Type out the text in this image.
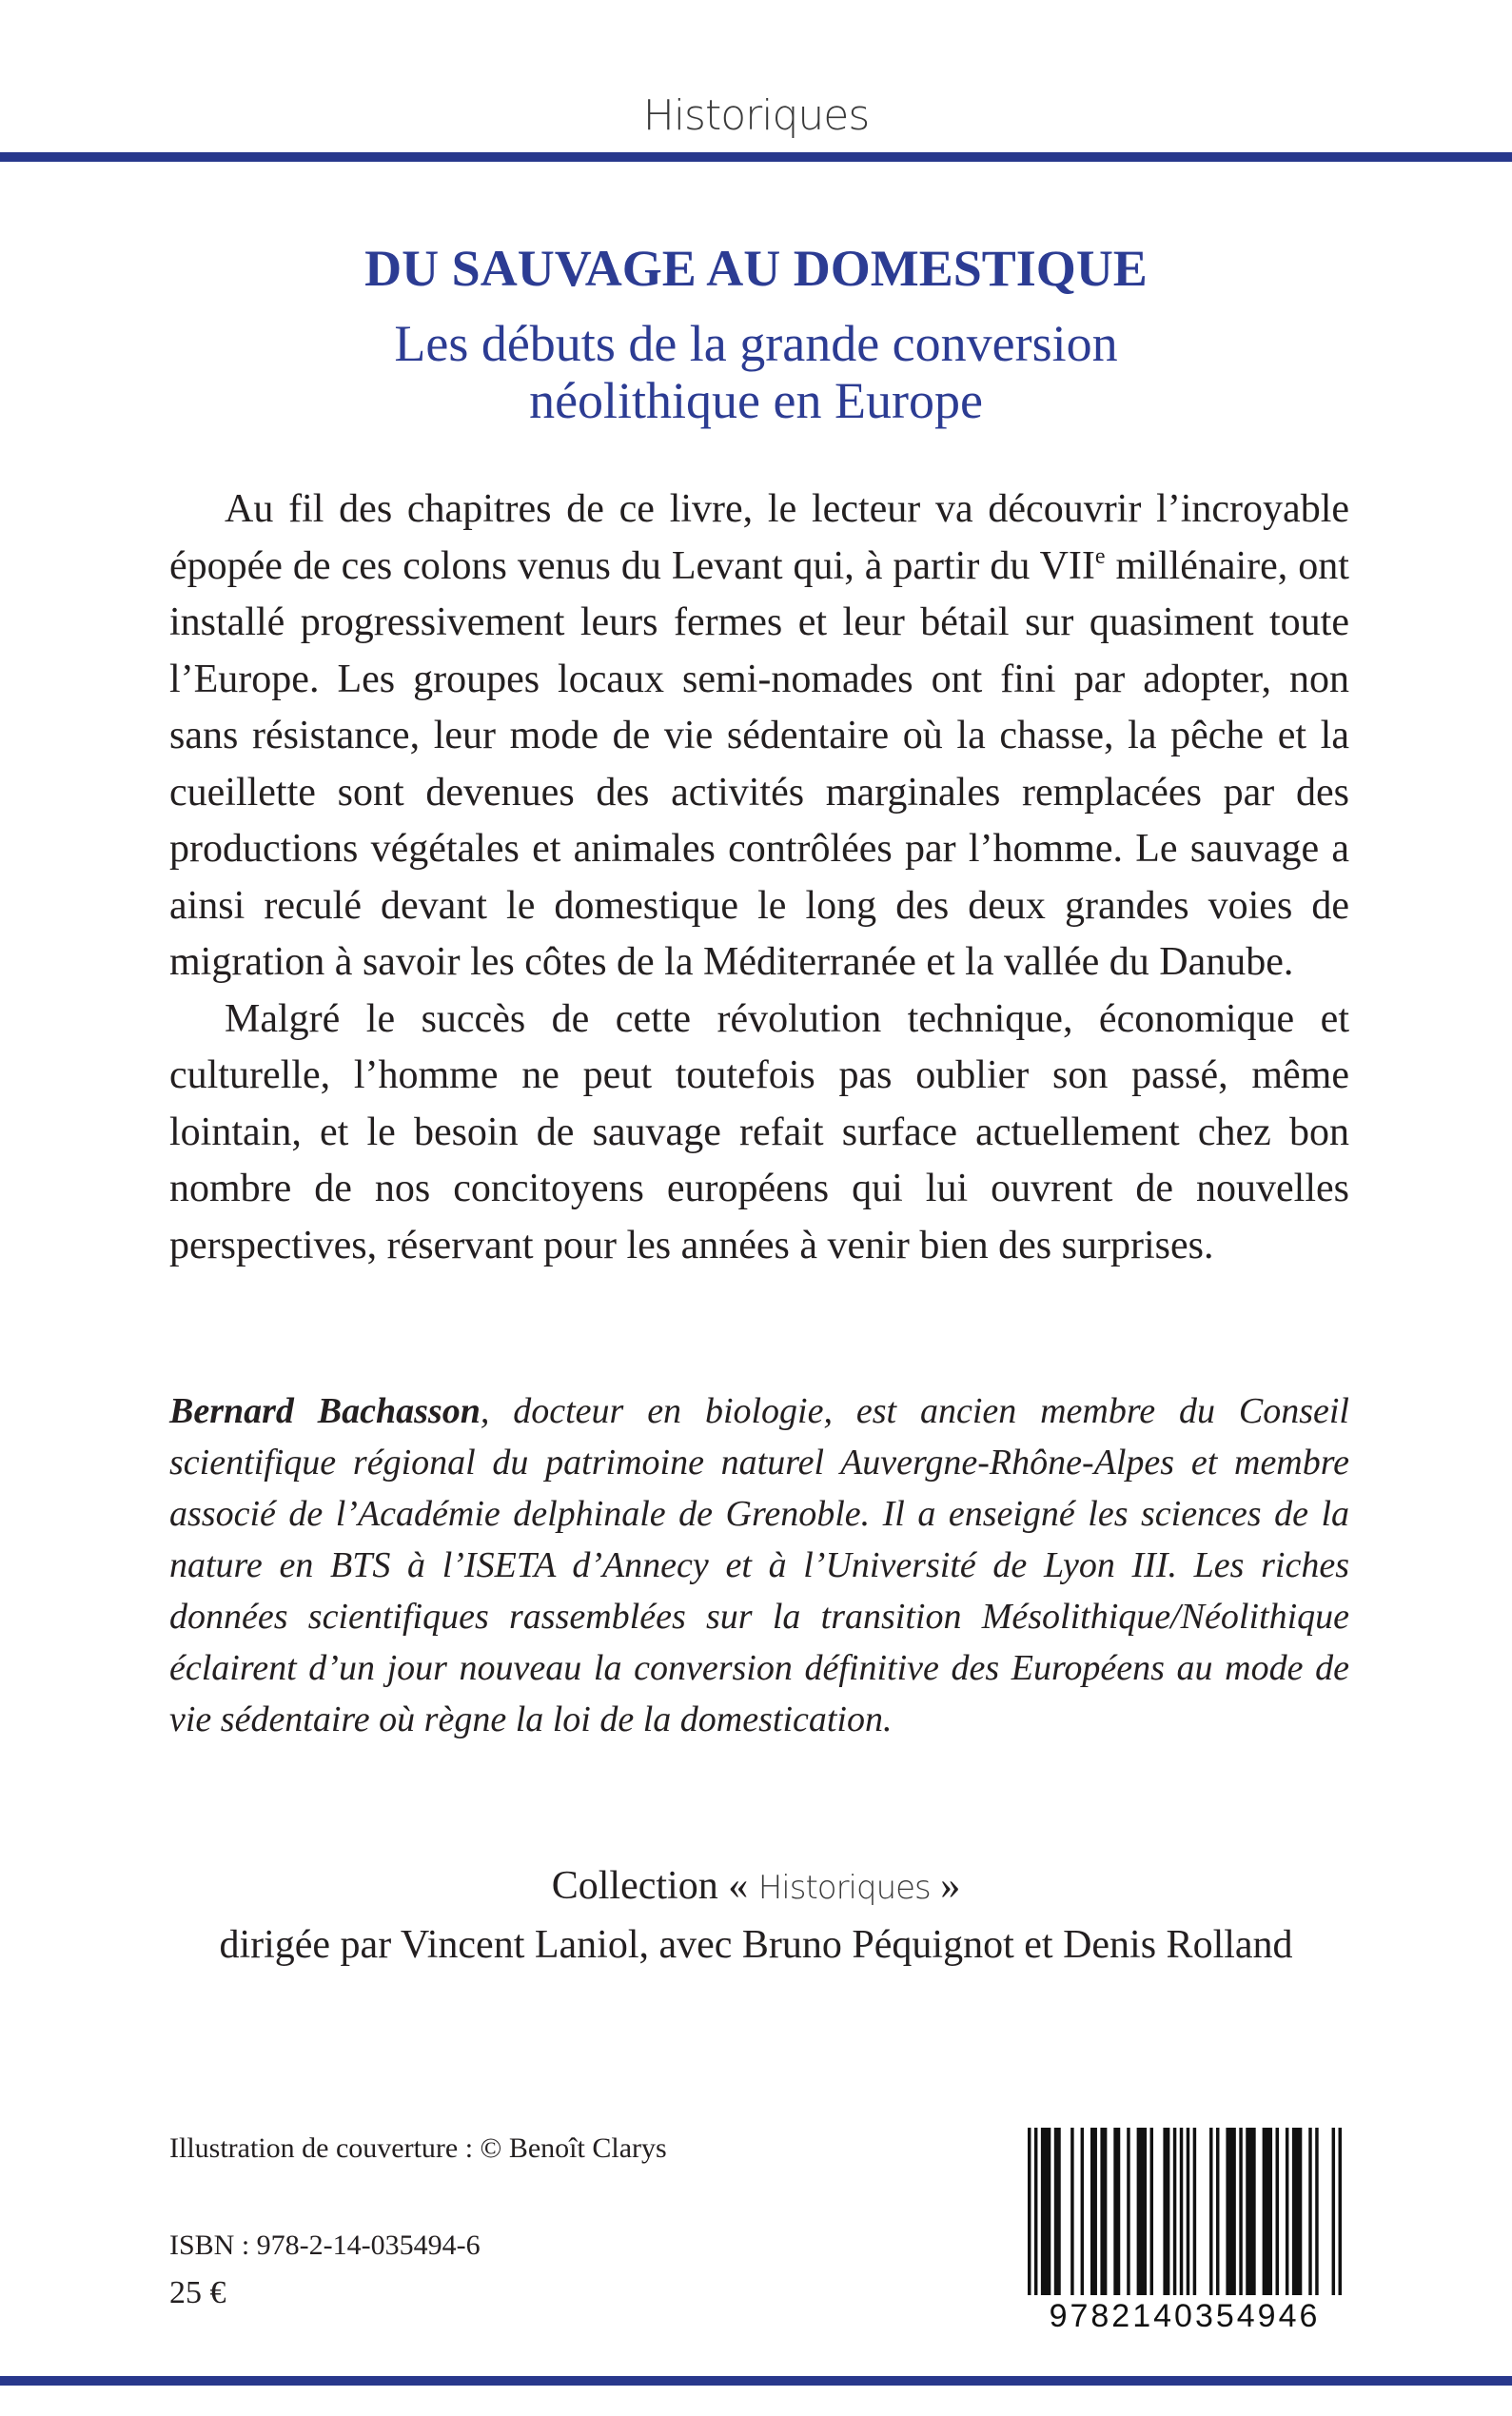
Historiques
DU SAUVAGE AU DOMESTIQUE
Les débuts de la grande conversion
néolithique en Europe

Au fil des chapitres de ce livre, le lecteur va découvrir l’incroyable épopée de ces colons venus du Levant qui, à partir du VIIe millénaire, ont installé progressivement leurs fermes et leur bétail sur quasiment toute l’Europe. Les groupes locaux semi-nomades ont fini par adopter, non sans résistance, leur mode de vie sédentaire où la chasse, la pêche et la cueillette sont devenues des activités marginales remplacées par des productions végétales et animales contrôlées par l’homme. Le sauvage a ainsi reculé devant le domestique le long des deux grandes voies de migration à savoir les côtes de la Méditerranée et la vallée du Danube.

Malgré le succès de cette révolution technique, économique et culturelle, l’homme ne peut toutefois pas oublier son passé, même lointain, et le besoin de sauvage refait surface actuellement chez bon nombre de nos concitoyens européens qui lui ouvrent de nouvelles perspectives, réservant pour les années à venir bien des surprises.

Bernard Bachasson, docteur en biologie, est ancien membre du Conseil scientifique régional du patrimoine naturel Auvergne-Rhône-Alpes et membre associé de l’Académie delphinale de Grenoble. Il a enseigné les sciences de la nature en BTS à l’ISETA d’Annecy et à l’Université de Lyon III. Les riches données scientifiques rassemblées sur la transition Mésolithique/Néolithique éclairent d’un jour nouveau la conversion définitive des Européens au mode de vie sédentaire où règne la loi de la domestication.
Collection « Historiques »
dirigée par Vincent Laniol, avec Bruno Péquignot et Denis Rolland
Illustration de couverture : © Benoît Clarys
ISBN : 978-2-14-035494-6
25 €
9782140354946
